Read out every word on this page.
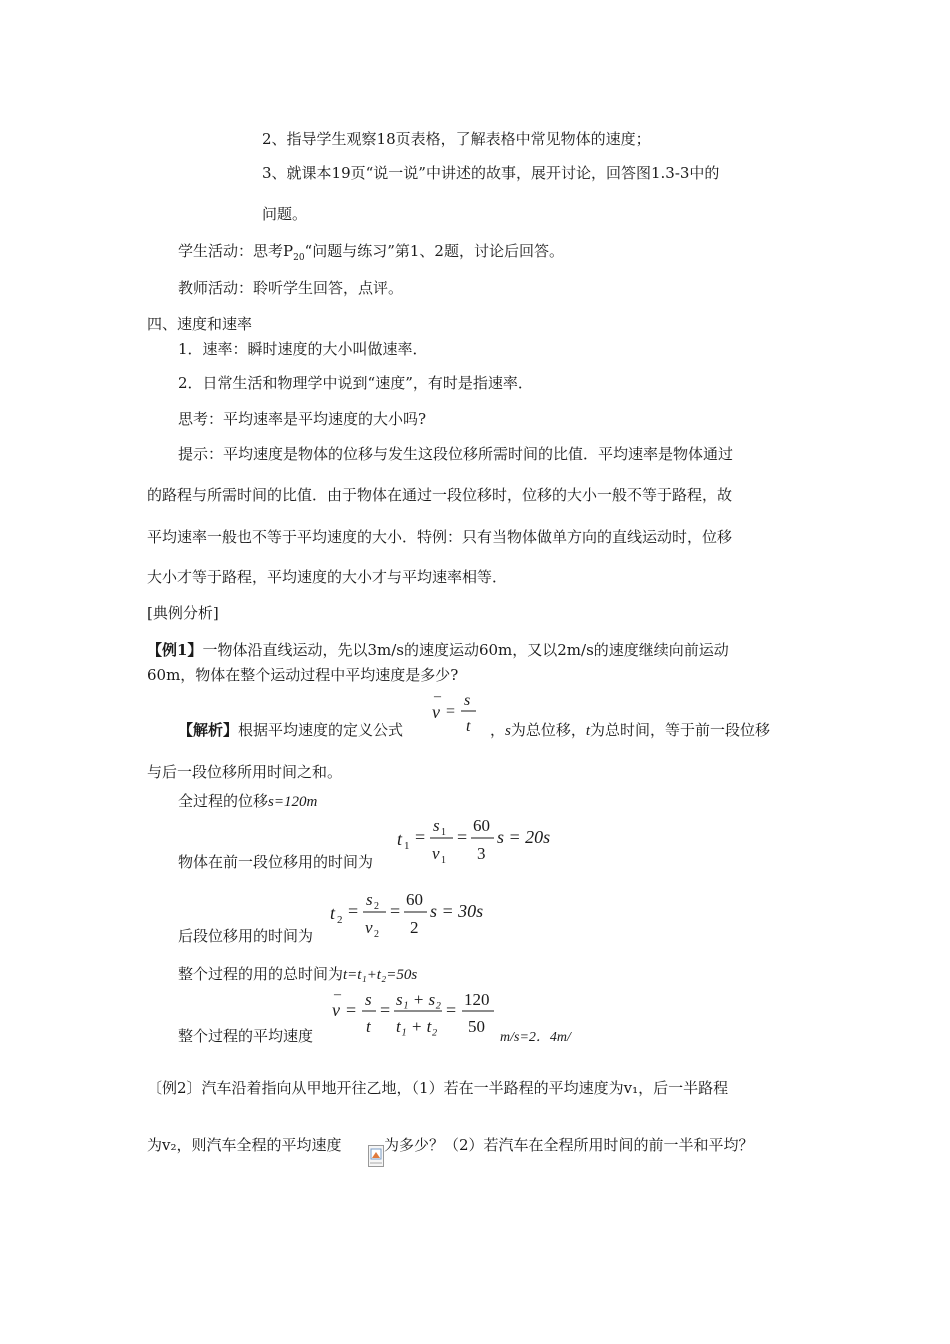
2、指导学生观察18页表格，了解表格中常见物体的速度；
3、就课本19页“说一说”中讲述的故事，展开讨论，回答图1.3-3中的
问题。
学生活动：思考$P_{20}“$问题与练习”第1、2题，讨论后回答。
教师活动：聆听学生回答，点评。
四、速度和速率
1．速率：瞬时速度的大小叫做速率．
2．日常生活和物理学中说到“速度”，有时是指速率．
思考：平均速率是平均速度的大小吗?
提示：平均速度是物体的位移与发生这段位移所需时间的比值．平均速率是物体通过
的路程与所需时间的比值．由于物体在通过一段位移时，位移的大小一般不等于路程，故
平均速率一般也不等于平均速度的大小．特例：只有当物体做单方向的直线运动时，位移
大小才等于路程，平均速度的大小才与平均速率相等．
[典例分析]
【例1】一物体沿直线运动，先以3m/s的速度运动60m，又以2m/s的速度继续向前运动
60m，物体在整个运动过程中平均速度是多少?
【解析】根据平均速度的定义公式
–
v =
s
t ，s为总位移，t为总时间，等于前一段位移
与后一段位移所用时间之和。
全过程的位移s=120m
物体在前一段位移用的时间为
t 1 =
s 1
v 1
=
60
3
s = 20s
后段位移用的时间为
t 2 =
s 2
v 2
=
60
2
s = 30s
整个过程的用的总时间为t=t₁+t₂=50s
整个过程的平均速度
–
v =
s
t
=
s₁ + s₂
t₁ + t₂
=
120
50
m/s=2．4m/
〔例2〕汽车沿着指向从甲地开往乙地，（1）若在一半路程的平均速度为v₁，后一半路程
为v₂，则汽车全程的平均速度	为多少？（2）若汽车在全程所用时间的前一半和平均？
